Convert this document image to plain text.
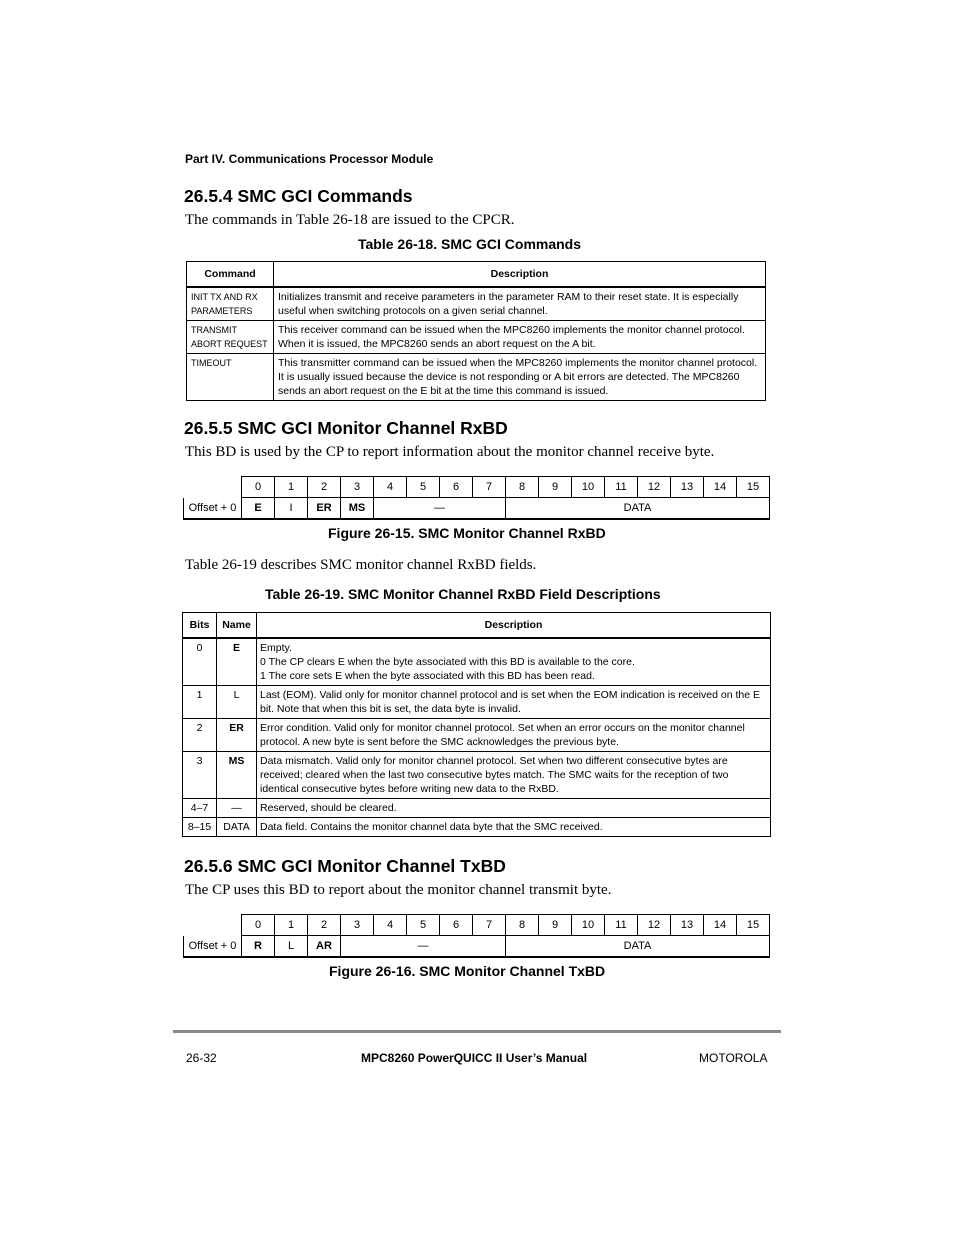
Part IV. Communications Processor Module
26.5.4 SMC GCI Commands
The commands in Table 26-18 are issued to the CPCR.
Table 26-18. SMC GCI Commands
Command	Description
INIT TX AND RX
PARAMETERS	Initializes transmit and receive parameters in the parameter RAM to their reset state. It is especially useful when switching protocols on a given serial channel.
TRANSMIT
ABORT REQUEST	This receiver command can be issued when the MPC8260 implements the monitor channel protocol. When it is issued, the MPC8260 sends an abort request on the A bit.
TIMEOUT	This transmitter command can be issued when the MPC8260 implements the monitor channel protocol. It is usually issued because the device is not responding or A bit errors are detected. The MPC8260 sends an abort request on the E bit at the time this command is issued.
26.5.5 SMC GCI Monitor Channel RxBD
This BD is used by the CP to report information about the monitor channel receive byte.
	0	1	2	3	4	5	6	7	8	9	10	11	12	13	14	15
Offset + 0	E	I	ER	MS	—				DATA							
Figure 26-15. SMC Monitor Channel RxBD
Table 26-19 describes SMC monitor channel RxBD fields.
Table 26-19. SMC Monitor Channel RxBD Field Descriptions
Bits	Name	Description
0	E	Empty.
0 The CP clears E when the byte associated with this BD is available to the core.
1 The core sets E when the byte associated with this BD has been read.

1	L	Last (EOM). Valid only for monitor channel protocol and is set when the EOM indication is received on the E bit. Note that when this bit is set, the data byte is invalid.
2	ER	Error condition. Valid only for monitor channel protocol. Set when an error occurs on the monitor channel protocol. A new byte is sent before the SMC acknowledges the previous byte.
3	MS	Data mismatch. Valid only for monitor channel protocol. Set when two different consecutive bytes are received; cleared when the last two consecutive bytes match. The SMC waits for the reception of two identical consecutive bytes before writing new data to the RxBD.
4–7	—	Reserved, should be cleared.
8–15	DATA	Data field. Contains the monitor channel data byte that the SMC received.
26.5.6 SMC GCI Monitor Channel TxBD
The CP uses this BD to report about the monitor channel transmit byte.
	0	1	2	3	4	5	6	7	8	9	10	11	12	13	14	15
Offset + 0	R	L	AR	—					DATA							
Figure 26-16. SMC Monitor Channel TxBD
26-32	MPC8260 PowerQUICC II User’s Manual	MOTOROLA
